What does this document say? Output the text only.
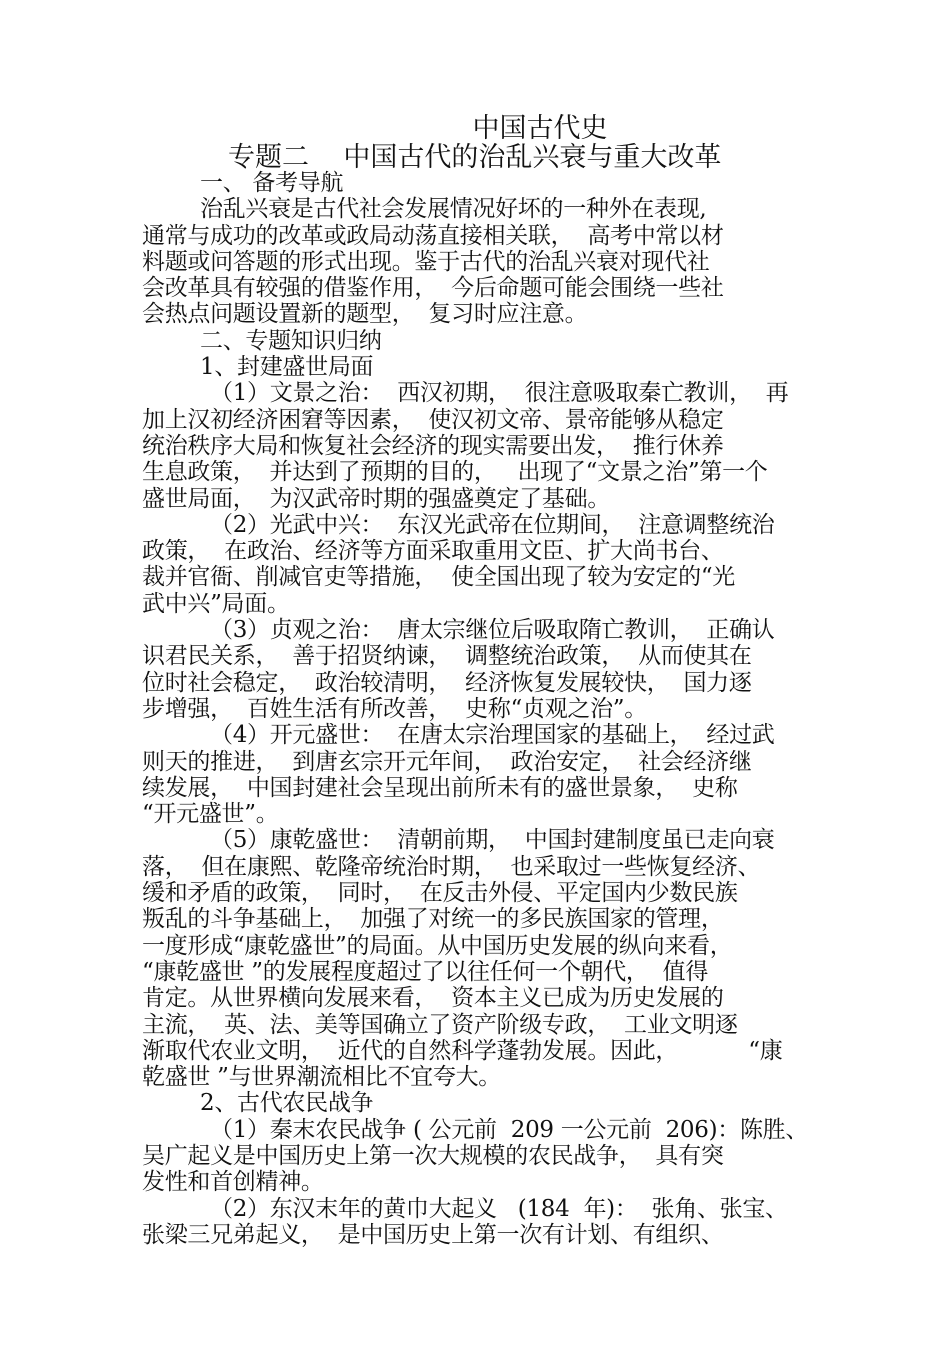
中国古代史
专题二    中国古代的治乱兴衰与重大改革
一、 备考导航
治乱兴衰是古代社会发展情况好坏的一种外在表现,
通常与成功的改革或政局动荡直接相关联，  高考中常以材
料题或问答题的形式出现。鉴于古代的治乱兴衰对现代社
会改革具有较强的借鉴作用，  今后命题可能会围绕一些社
会热点问题设置新的题型，  复习时应注意。
二、专题知识归纳
1、封建盛世局面
（1）文景之治：  西汉初期，  很注意吸取秦亡教训，  再
加上汉初经济困窘等因素，  使汉初文帝、景帝能够从稳定
统治秩序大局和恢复社会经济的现实需要出发，  推行休养
生息政策，  并达到了预期的目的，   出现了“文景之治”第一个
盛世局面，  为汉武帝时期的强盛奠定了基础。
（2）光武中兴：  东汉光武帝在位期间，  注意调整统治
政策，  在政治、经济等方面采取重用文臣、扩大尚书台、
裁并官衙、削减官吏等措施，  使全国出现了较为安定的“光
武中兴”局面。
（3）贞观之治：  唐太宗继位后吸取隋亡教训，  正确认
识君民关系，  善于招贤纳谏，  调整统治政策，  从而使其在
位时社会稳定，  政治较清明，  经济恢复发展较快，  国力逐
步增强，  百姓生活有所改善，  史称“贞观之治”。
（4）开元盛世：  在唐太宗治理国家的基础上，  经过武
则天的推进，  到唐玄宗开元年间，  政治安定，  社会经济继
续发展，  中国封建社会呈现出前所未有的盛世景象，  史称
“开元盛世”。
（5）康乾盛世：  清朝前期，  中国封建制度虽已走向衰
落，  但在康熙、乾隆帝统治时期，  也采取过一些恢复经济、
缓和矛盾的政策，  同时，  在反击外侵、平定国内少数民族
叛乱的斗争基础上，  加强了对统一的多民族国家的管理，
一度形成“康乾盛世”的局面。从中国历史发展的纵向来看，
“康乾盛世 ”的发展程度超过了以往任何一个朝代，  值得
肯定。从世界横向发展来看，  资本主义已成为历史发展的
主流，  英、法、美等国确立了资产阶级专政，  工业文明逐
渐取代农业文明，  近代的自然科学蓬勃发展。因此，          “康
乾盛世 ”与世界潮流相比不宜夸大。
2、古代农民战争
（1）秦末农民战争 ( 公元前  209 一公元前  206)：陈胜、
吴广起义是中国历史上第一次大规模的农民战争，  具有突
发性和首创精神。
（2）东汉末年的黄巾大起义   (184  年)：  张角、张宝、
张梁三兄弟起义，  是中国历史上第一次有计划、有组织、
